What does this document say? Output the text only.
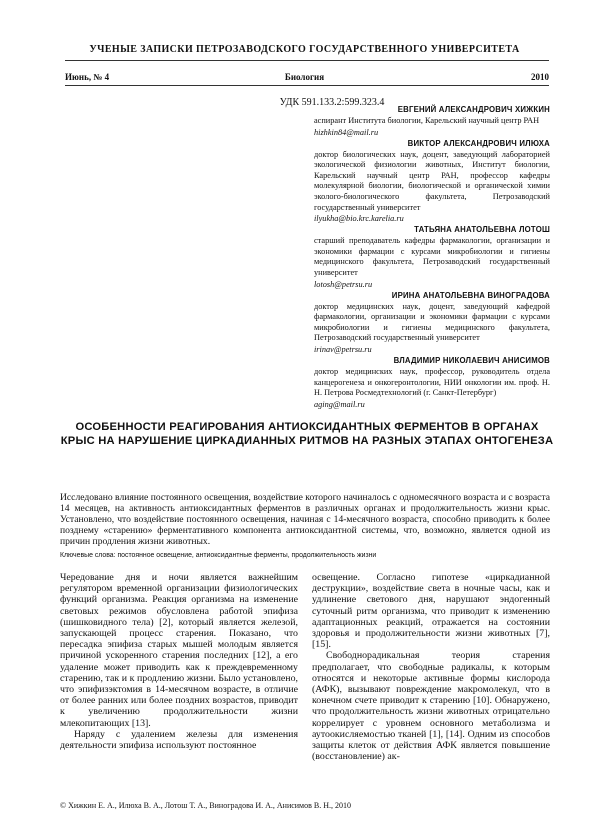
УЧЕНЫЕ ЗАПИСКИ ПЕТРОЗАВОДСКОГО ГОСУДАРСТВЕННОГО УНИВЕРСИТЕТА
Июнь, № 4	Биология	2010
УДК 591.133.2:599.323.4
ЕВГЕНИЙ АЛЕКСАНДРОВИЧ ХИЖКИН
аспирант Института биологии, Карельский научный центр РАН
hizhkin84@mail.ru
ВИКТОР АЛЕКСАНДРОВИЧ ИЛЮХА
доктор биологических наук, доцент, заведующий лабораторией экологической физиологии животных, Институт биологии, Карельский научный центр РАН, профессор кафедры молекулярной биологии, биологической и органической химии эколого-биологического факультета, Петрозаводский государственный университет
ilyukha@bio.krc.karelia.ru
ТАТЬЯНА АНАТОЛЬЕВНА ЛОТОШ
старший преподаватель кафедры фармакологии, организации и экономики фармации с курсами микробиологии и гигиены медицинского факультета, Петрозаводский государственный университет
lotosh@petrsu.ru
ИРИНА АНАТОЛЬЕВНА ВИНОГРАДОВА
доктор медицинских наук, доцент, заведующий кафедрой фармакологии, организации и экономики фармации с курсами микробиологии и гигиены медицинского факультета, Петрозаводский государственный университет
irinav@petrsu.ru
ВЛАДИМИР НИКОЛАЕВИЧ АНИСИМОВ
доктор медицинских наук, профессор, руководитель отдела канцерогенеза и онкогеронтологии, НИИ онкологии им. проф. Н. Н. Петрова Росмедтехнологий (г. Санкт-Петербург)
aging@mail.ru
ОСОБЕННОСТИ РЕАГИРОВАНИЯ АНТИОКСИДАНТНЫХ ФЕРМЕНТОВ В ОРГАНАХ КРЫС НА НАРУШЕНИЕ ЦИРКАДИАННЫХ РИТМОВ НА РАЗНЫХ ЭТАПАХ ОНТОГЕНЕЗА
Исследовано влияние постоянного освещения, воздействие которого начиналось с одномесячного возраста и с возраста 14 месяцев, на активность антиоксидантных ферментов в различных органах и продолжительность жизни крыс. Установлено, что воздействие постоянного освещения, начиная с 14-месячного возраста, способно приводить к более позднему «старению» ферментативного компонента антиоксидантной системы, что, возможно, является одной из причин продления жизни животных.
Ключевые слова: постоянное освещение, антиоксидантные ферменты, продолжительность жизни

Чередование дня и ночи является важнейшим регулятором временной организации физиологических функций организма. Реакция организма на изменение световых режимов обусловлена работой эпифиза (шишковидного тела) [2], который является железой, запускающей процесс старения. Показано, что пересадка эпифиза старых мышей молодым является причиной ускоренного старения последних [12], а его удаление может приводить как к преждевременному старению, так и к продлению жизни. Было установлено, что эпифизэктомия в 14-месячном возрасте, в отличие от более ранних или более поздних возрастов, приводит к увеличению продолжительности жизни млекопитающих [13].

Наряду с удалением железы для изменения деятельности эпифиза используют постоянное

освещение. Согласно гипотезе «циркадианной деструкции», воздействие света в ночные часы, как и удлинение светового дня, нарушают эндогенный суточный ритм организма, что приводит к изменению адаптационных реакций, отражается на состоянии здоровья и продолжительности жизни животных [7], [15].

Свободнорадикальная теория старения предполагает, что свободные радикалы, к которым относятся и некоторые активные формы кислорода (АФК), вызывают повреждение макромолекул, что в конечном счете приводит к старению [10]. Обнаружено, что продолжительность жизни животных отрицательно коррелирует с уровнем основного метаболизма и аутоокисляемостью тканей [1], [14]. Одним из способов защиты клеток от действия АФК является повышение (восстановление) ак-

© Хижкин Е. А., Илюха В. А., Лотош Т. А., Виноградова И. А., Анисимов В. Н., 2010
